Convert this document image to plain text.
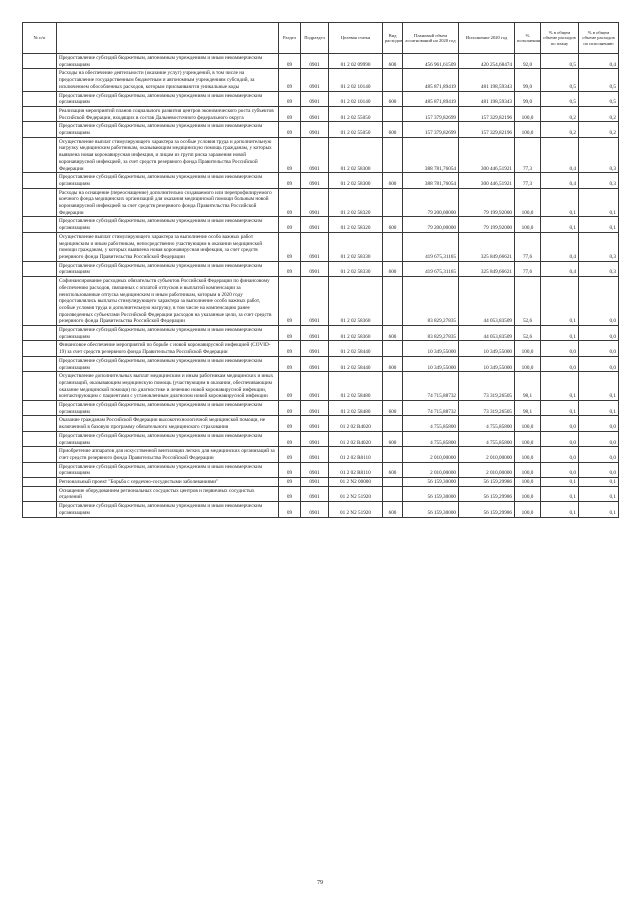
№ п/п		Раздел	Подраздел	Целевая статья	Вид расходов	Плановый объем ассигнований на 2020 год	Исполнение 2020 год	% исполнения	% в общем объеме расходов по плану	% в общем объеме расходов по исполнению
	Предоставление субсидий бюджетным, автономным учреждениям и иным некоммерческим организациям	09	0901	01 2 02 09990	600	456 961,61509	420 254,68474	92,0	0,5	0,4
	Расходы на обеспечение деятельности (оказание услуг) учреждений, в том числе на предоставление государственным бюджетным и автономным учреждениям субсидий, за исключением обособленных расходов, которым присваиваются уникальные коды	09	0901	01 2 02 10140		485 871,89419	481 198,59343	99,0	0,5	0,5
	Предоставление субсидий бюджетным, автономным учреждениям и иным некоммерческим организациям	09	0901	01 2 02 10140	600	485 871,89419	481 198,59343	99,0	0,5	0,5
	Реализация мероприятий планов социального развития центров экономического роста субъектов Российской Федерации, входящих в состав Дальневосточного федерального округа	09	0901	01 2 02 55050		157 379,82699	157 329,82196	100,0	0,2	0,2
	Предоставление субсидий бюджетным, автономным учреждениям и иным некоммерческим организациям	09	0901	01 2 02 55050	600	157 379,82699	157 329,82196	100,0	0,2	0,2
	Осуществление выплат стимулирующего характера за особые условия труда и дополнительную нагрузку медицинским работникам, оказывающим медицинскую помощь гражданам, у которых выявлена новая коронавирусная инфекция, и лицам из групп риска заражения новой коронавирусной инфекцией, за счет средств резервного фонда Правительства Российской Федерации	09	0901	01 2 02 58300		388 781,76054	300 446,51921	77,3	0,4	0,3
	Предоставление субсидий бюджетным, автономным учреждениям и иным некоммерческим организациям	09	0901	01 2 02 58300	600	388 781,76054	300 446,51921	77,3	0,4	0,3
	Расходы на оснащение (переоснащение) дополнительно создаваемого или перепрофилируемого коечного фонда медицинских организаций для оказания медицинской помощи больным новой коронавирусной инфекцией за счет средств резервного фонда Правительства Российской Федерации	09	0901	01 2 02 58320		79 200,00000	79 199,92000	100,0	0,1	0,1
	Предоставление субсидий бюджетным, автономным учреждениям и иным некоммерческим организациям	09	0901	01 2 02 58320	600	79 200,00000	79 199,92000	100,0	0,1	0,1
	Осуществление выплат стимулирующего характера за выполнение особо важных работ медицинским и иным работникам, непосредственно участвующим в оказании медицинской помощи гражданам, у которых выявлена новая коронавирусная инфекция, за счет средств резервного фонда Правительства Российской Федерации	09	0901	01 2 02 58330		419 675,31165	325 849,66621	77,6	0,4	0,3
	Предоставление субсидий бюджетным, автономным учреждениям и иным некоммерческим организациям	09	0901	01 2 02 58330	600	419 675,31165	325 849,66621	77,6	0,4	0,3
	Софинансирование расходных обязательств субъектов Российской Федерации по финансовому обеспечению расходов, связанных с оплатой отпусков и выплатой компенсации за неиспользованные отпуска медицинским и иным работникам, которым в 2020 году предоставлялись выплаты стимулирующего характера за выполнение особо важных работ, особые условия труда и дополнительную нагрузку, в том числе на компенсацию ранее произведенных субъектами Российской Федерации расходов на указанные цели, за счет средств резервного фонда Правительства Российской Федерации	09	0901	01 2 02 58360		83 829,27835	44 053,83509	52,6	0,1	0,0
	Предоставление субсидий бюджетным, автономным учреждениям и иным некоммерческим организациям	09	0901	01 2 02 58360	600	83 829,27835	44 053,83509	52,6	0,1	0,0
	Финансовое обеспечение мероприятий по борьбе с новой коронавирусной инфекцией (COVID-19) за счет средств резервного фонда Правительства Российской Федерации	09	0901	01 2 02 58440		10 349,55000	10 349,55000	100,0	0,0	0,0
	Предоставление субсидий бюджетным, автономным учреждениям и иным некоммерческим организациям	09	0901	01 2 02 58440	600	10 349,55000	10 349,55000	100,0	0,0	0,0
	Осуществление дополнительных выплат медицинским и иным работникам медицинских и иных организаций, оказывающим медицинскую помощь (участвующим в оказании, обеспечивающим оказание медицинской помощи) по диагностике и лечению новой коронавирусной инфекции, контактирующим с пациентами с установленным диагнозом новой коронавирусной инфекции	09	0901	01 2 02 58480		74 715,88732	73 319,26505	98,1	0,1	0,1
	Предоставление субсидий бюджетным, автономным учреждениям и иным некоммерческим организациям	09	0901	01 2 02 58480	600	74 715,88732	73 319,26505	98,1	0,1	0,1
	Оказание гражданам Российской Федерации высокотехнологичной медицинской помощи, не включенной в базовую программу обязательного медицинского страхования	09	0901	01 2 02 R4020		4 755,85800	4 755,85800	100,0	0,0	0,0
	Предоставление субсидий бюджетным, автономным учреждениям и иным некоммерческим организациям	09	0901	01 2 02 R4020	600	4 755,85800	4 755,85800	100,0	0,0	0,0
	Приобретение аппаратов для искусственной вентиляции легких для медицинских организаций за счет средств резервного фонда Правительства Российской Федерации	09	0901	01 2 02 R8110		2 010,00000	2 010,00000	100,0	0,0	0,0
	Предоставление субсидий бюджетным, автономным учреждениям и иным некоммерческим организациям	09	0901	01 2 02 R8110	600	2 010,00000	2 010,00000	100,0	0,0	0,0
	Региональный проект "Борьба с сердечно-сосудистыми заболеваниями"	09	0901	01 2 N2 00000		56 159,30000	56 159,29986	100,0	0,1	0,1
	Оснащение оборудованием региональных сосудистых центров и первичных сосудистых отделений	09	0901	01 2 N2 51920		56 159,30000	56 159,29986	100,0	0,1	0,1
	Предоставление субсидий бюджетным, автономным учреждениям и иным некоммерческим организациям	09	0901	01 2 N2 51920	600	56 159,30000	56 159,29986	100,0	0,1	0,1
79
